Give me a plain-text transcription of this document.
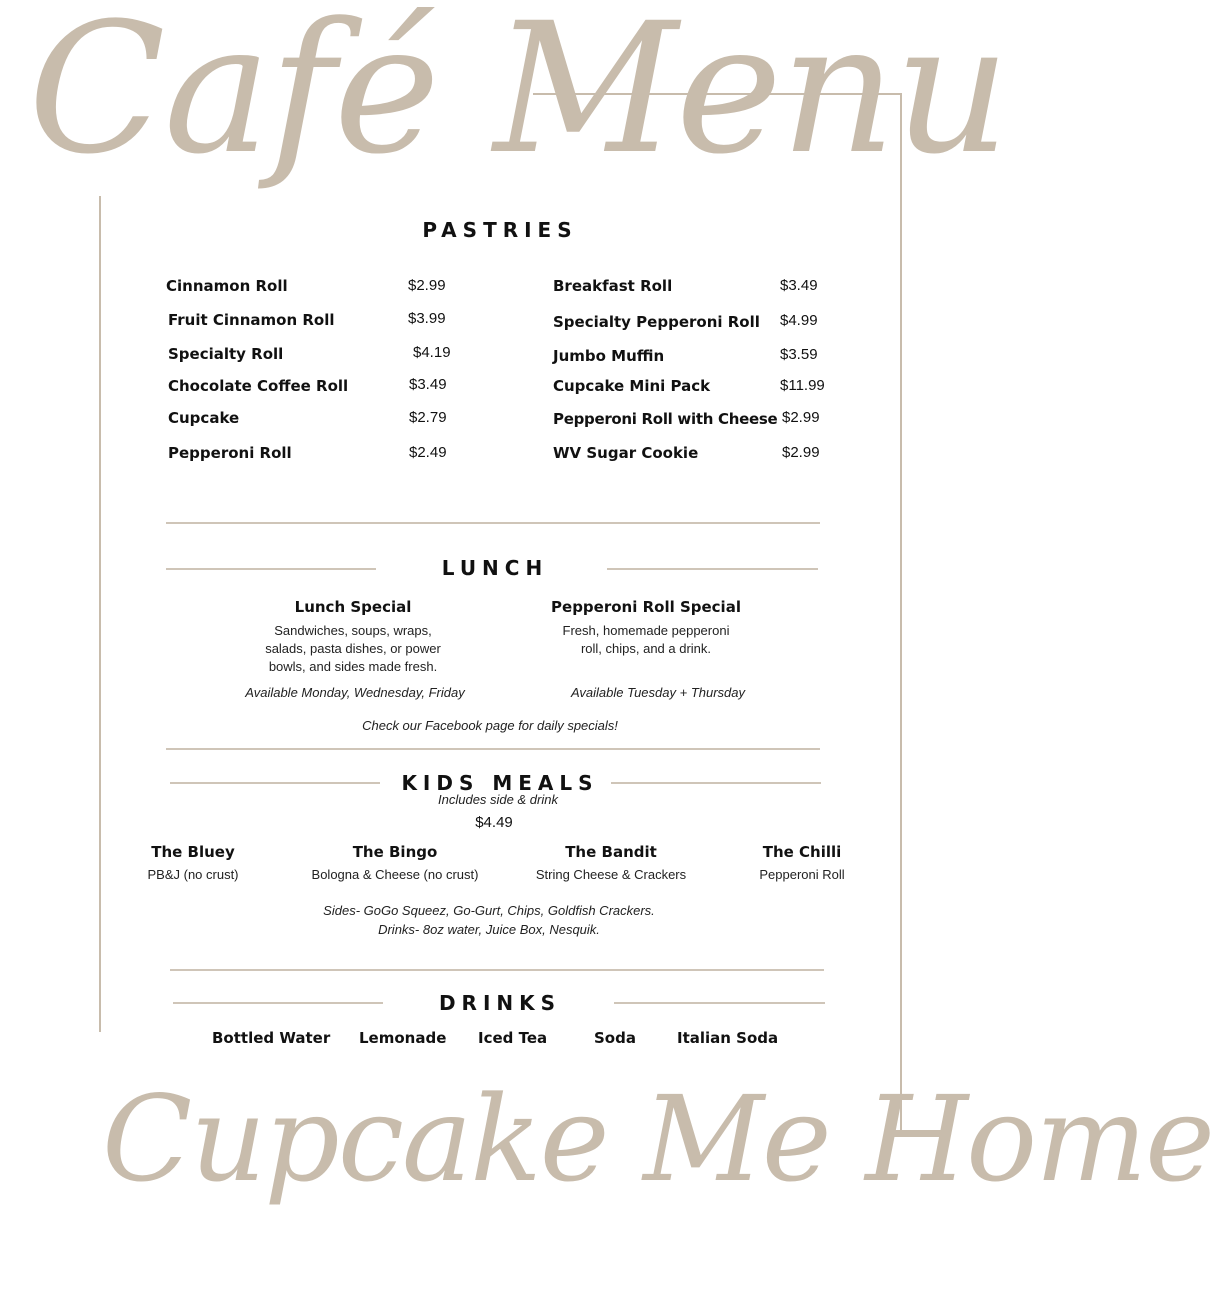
Café Menu
PASTRIES
Cinnamon Roll	$2.99
Fruit Cinnamon Roll	$3.99
Specialty Roll	$4.19
Chocolate Coffee Roll	$3.49
Cupcake	$2.79
Pepperoni Roll	$2.49
Breakfast Roll	$3.49
Specialty Pepperoni Roll $4.99
Jumbo Muffin	$3.59
Cupcake Mini Pack	$11.99
Pepperoni Roll with Cheese $2.99
WV Sugar Cookie	$2.99
LUNCH
Lunch Special
Sandwiches, soups, wraps,
salads, pasta dishes, or power
bowls, and sides made fresh.
Available Monday, Wednesday, Friday
Pepperoni Roll Special
Fresh, homemade pepperoni
roll, chips, and a drink.
Available Tuesday + Thursday
Check our Facebook page for daily specials!
KIDS MEALS
Includes side & drink
$4.49
The Bluey
PB&J (no crust)
The Bingo
Bologna & Cheese (no crust)
The Bandit
String Cheese & Crackers
The Chilli
Pepperoni Roll
Sides- GoGo Squeez, Go-Gurt, Chips, Goldfish Crackers.
Drinks- 8oz water, Juice Box, Nesquik.
DRINKS
Bottled Water Lemonade Iced Tea	Soda	Italian Soda
Cupcake Me Home
